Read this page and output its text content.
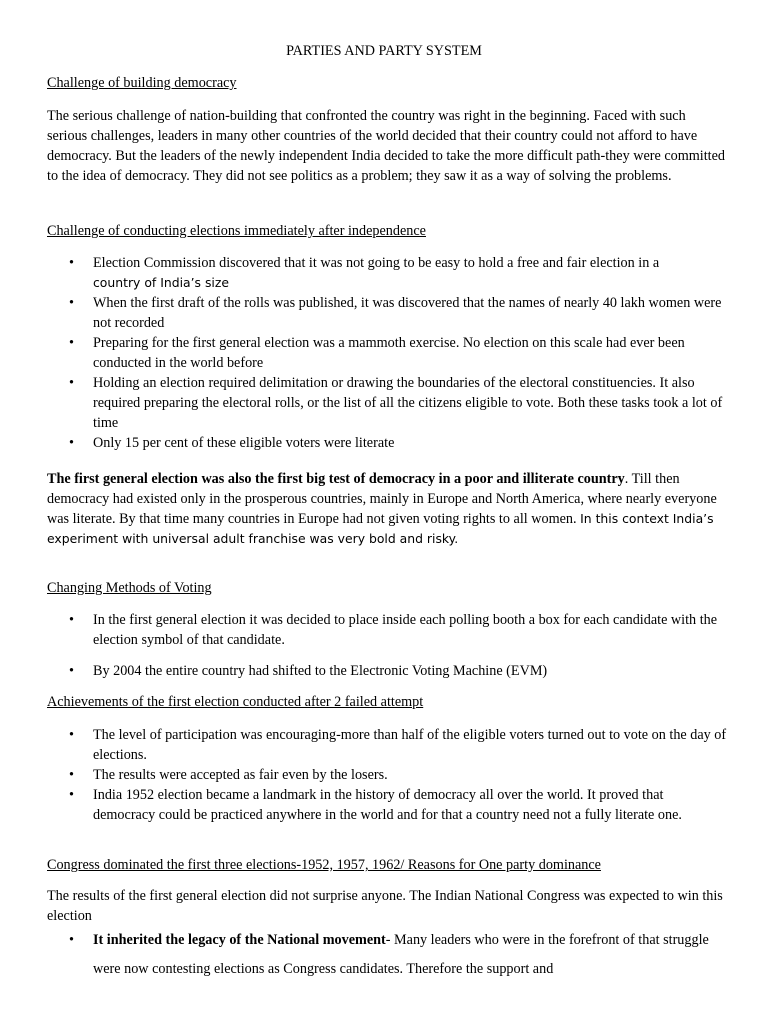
PARTIES AND PARTY SYSTEM

Challenge of building democracy

The serious challenge of nation-building that confronted the country was right in the beginning. Faced with such serious challenges, leaders in many other countries of the world decided that their country could not afford to have democracy. But the leaders of the newly independent India decided to take the more difficult path-they were committed to the idea of democracy. They did not see politics as a problem; they saw it as a way of solving the problems.

Challenge of conducting elections immediately after independence

• Election Commission discovered that it was not going to be easy to hold a free and fair election in a
country of India’s size
• When the first draft of the rolls was published, it was discovered that the names of nearly 40 lakh women were not recorded
• Preparing for the first general election was a mammoth exercise. No election on this scale had ever been conducted in the world before
• Holding an election required delimitation or drawing the boundaries of the electoral constituencies. It also required preparing the electoral rolls, or the list of all the citizens eligible to vote. Both these tasks took a lot of time
• Only 15 per cent of these eligible voters were literate

The first general election was also the first big test of democracy in a poor and illiterate country. Till then democracy had existed only in the prosperous countries, mainly in Europe and North America, where nearly everyone was literate. By that time many countries in Europe had not given voting rights to all women. In this context India’s experiment with universal adult franchise was very bold and risky.

Changing Methods of Voting

• In the first general election it was decided to place inside each polling booth a box for each candidate with the election symbol of that candidate.
• By 2004 the entire country had shifted to the Electronic Voting Machine (EVM)

Achievements of the first election conducted after 2 failed attempt

• The level of participation was encouraging-more than half of the eligible voters turned out to vote on the day of elections.
• The results were accepted as fair even by the losers.
• India 1952 election became a landmark in the history of democracy all over the world. It proved that democracy could be practiced anywhere in the world and for that a country need not a fully literate one.

Congress dominated the first three elections-1952, 1957, 1962/ Reasons for One party dominance

The results of the first general election did not surprise anyone. The Indian National Congress was expected to win this election

• It inherited the legacy of the National movement- Many leaders who were in the forefront of that struggle were now contesting elections as Congress candidates. Therefore the support and
